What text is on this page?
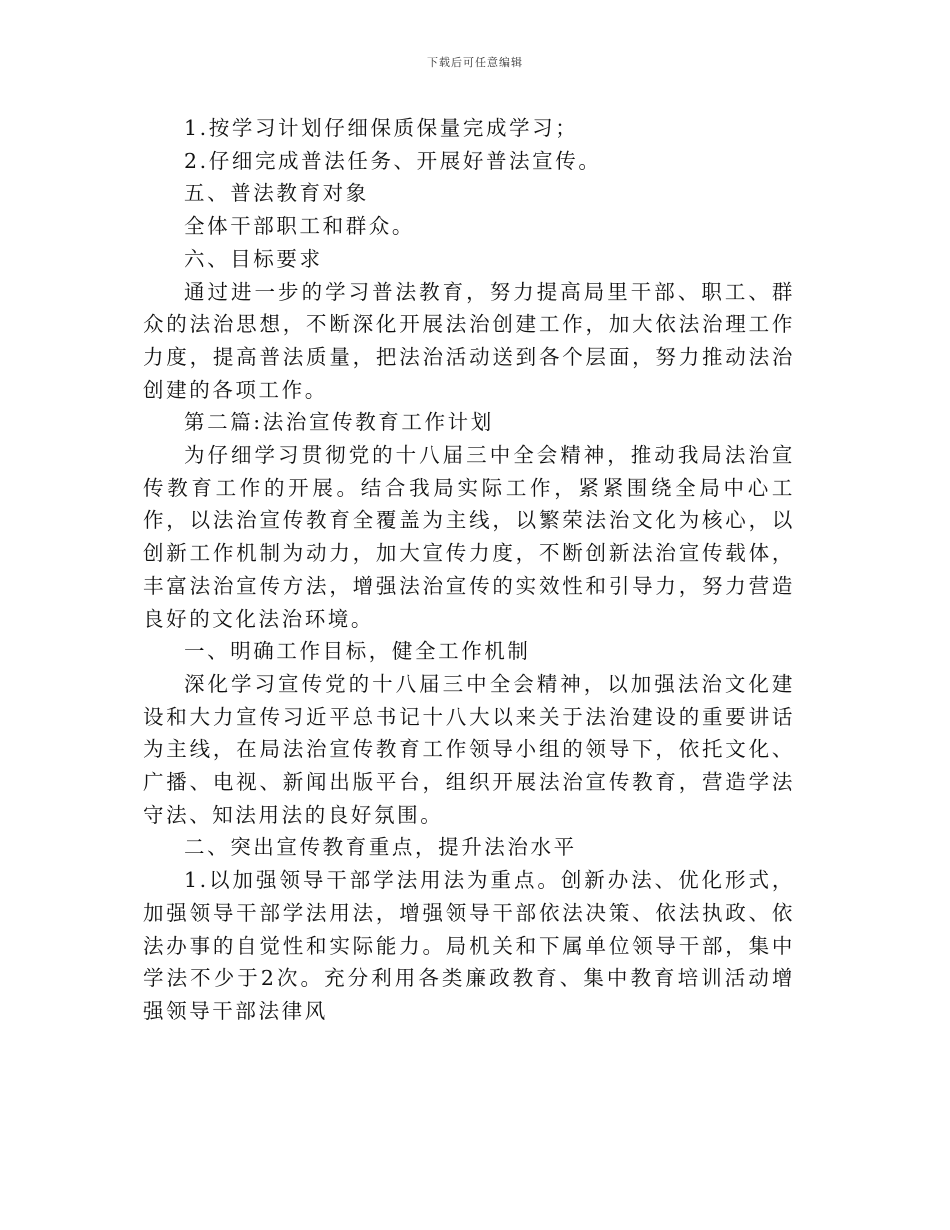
下载后可任意编辑

1.按学习计划仔细保质保量完成学习；

2.仔细完成普法任务、开展好普法宣传。

五、普法教育对象

全体干部职工和群众。

六、目标要求

通过进一步的学习普法教育，努力提高局里干部、职工、群众的法治思想，不断深化开展法治创建工作，加大依法治理工作力度，提高普法质量，把法治活动送到各个层面，努力推动法治创建的各项工作。

第二篇:法治宣传教育工作计划

为仔细学习贯彻党的十八届三中全会精神，推动我局法治宣传教育工作的开展。结合我局实际工作，紧紧围绕全局中心工作，以法治宣传教育全覆盖为主线，以繁荣法治文化为核心，以创新工作机制为动力，加大宣传力度，不断创新法治宣传载体，丰富法治宣传方法，增强法治宣传的实效性和引导力，努力营造良好的文化法治环境。

一、明确工作目标，健全工作机制

深化学习宣传党的十八届三中全会精神，以加强法治文化建设和大力宣传习近平总书记十八大以来关于法治建设的重要讲话为主线，在局法治宣传教育工作领导小组的领导下，依托文化、广播、电视、新闻出版平台，组织开展法治宣传教育，营造学法守法、知法用法的良好氛围。

二、突出宣传教育重点，提升法治水平

1.以加强领导干部学法用法为重点。创新办法、优化形式，加强领导干部学法用法，增强领导干部依法决策、依法执政、依法办事的自觉性和实际能力。局机关和下属单位领导干部，集中学法不少于2次。充分利用各类廉政教育、集中教育培训活动增强领导干部法律风
